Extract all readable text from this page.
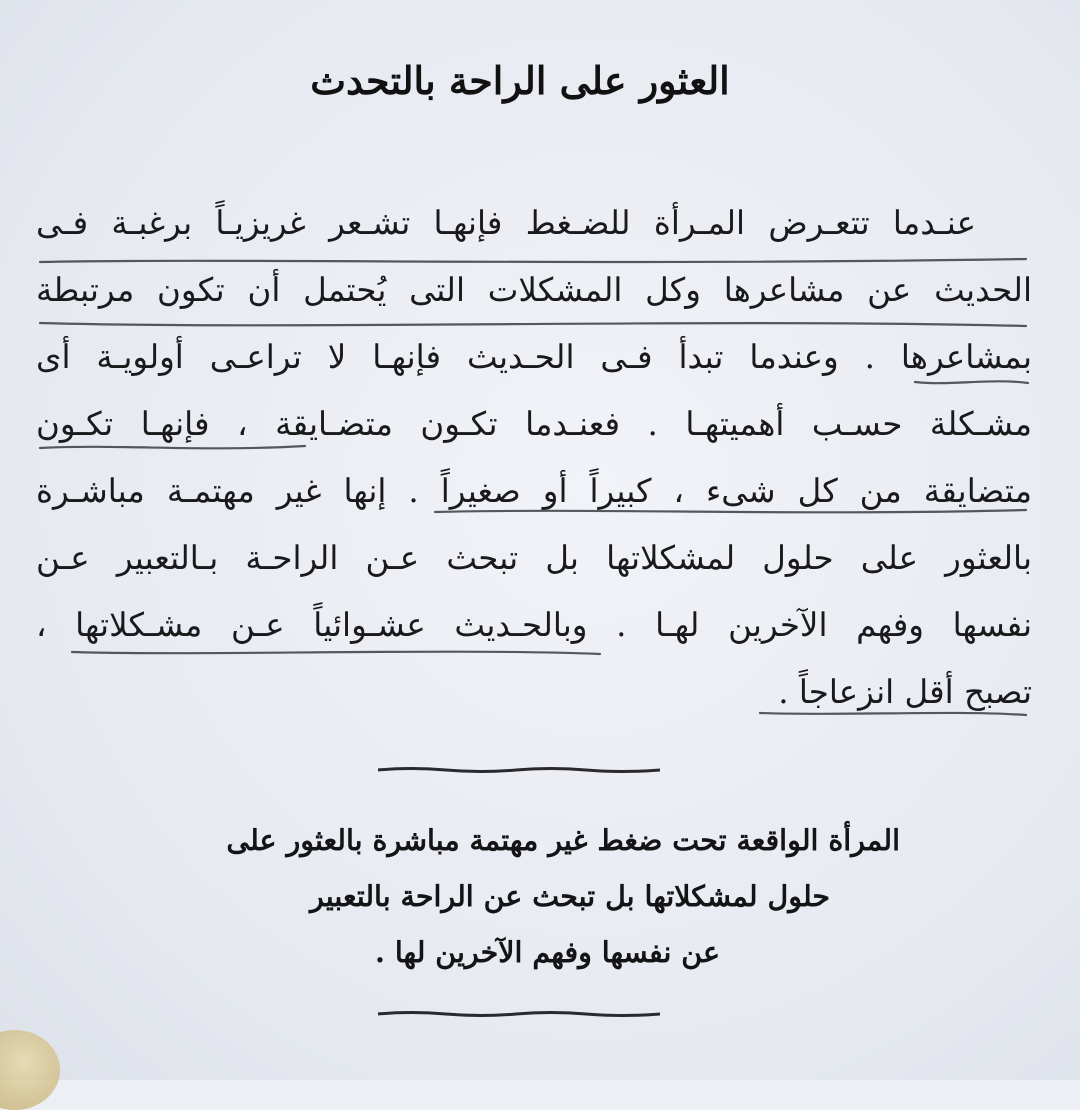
العثور على الراحة بالتحدث
عنـدما تتعـرض المـرأة للضـغط فإنهـا تشـعر غريزيـاً برغبـة فـى
الحديث عن مشاعرها وكل المشكلات التى يُحتمل أن تكون مرتبطة
بمشاعرها . وعندما تبدأ فـى الحـديث فإنهـا لا تراعـى أولويـة أى
مشـكلة حسـب أهميتهـا . فعنـدما تكـون متضـايقة ، فإنهـا تكـون
متضايقة من كل شىء ، كبيراً أو صغيراً . إنها غير مهتمـة مباشـرة
بالعثور على حلول لمشكلاتها بل تبحث عـن الراحـة بـالتعبير عـن
نفسها وفهم الآخرين لهـا . وبالحـديث عشـوائياً عـن مشـكلاتها ،
تصبح أقل انزعاجاً .
المرأة الواقعة تحت ضغط غير مهتمة مباشرة بالعثور على
حلول لمشكلاتها بل تبحث عن الراحة بالتعبير
عن نفسها وفهم الآخرين لها .
